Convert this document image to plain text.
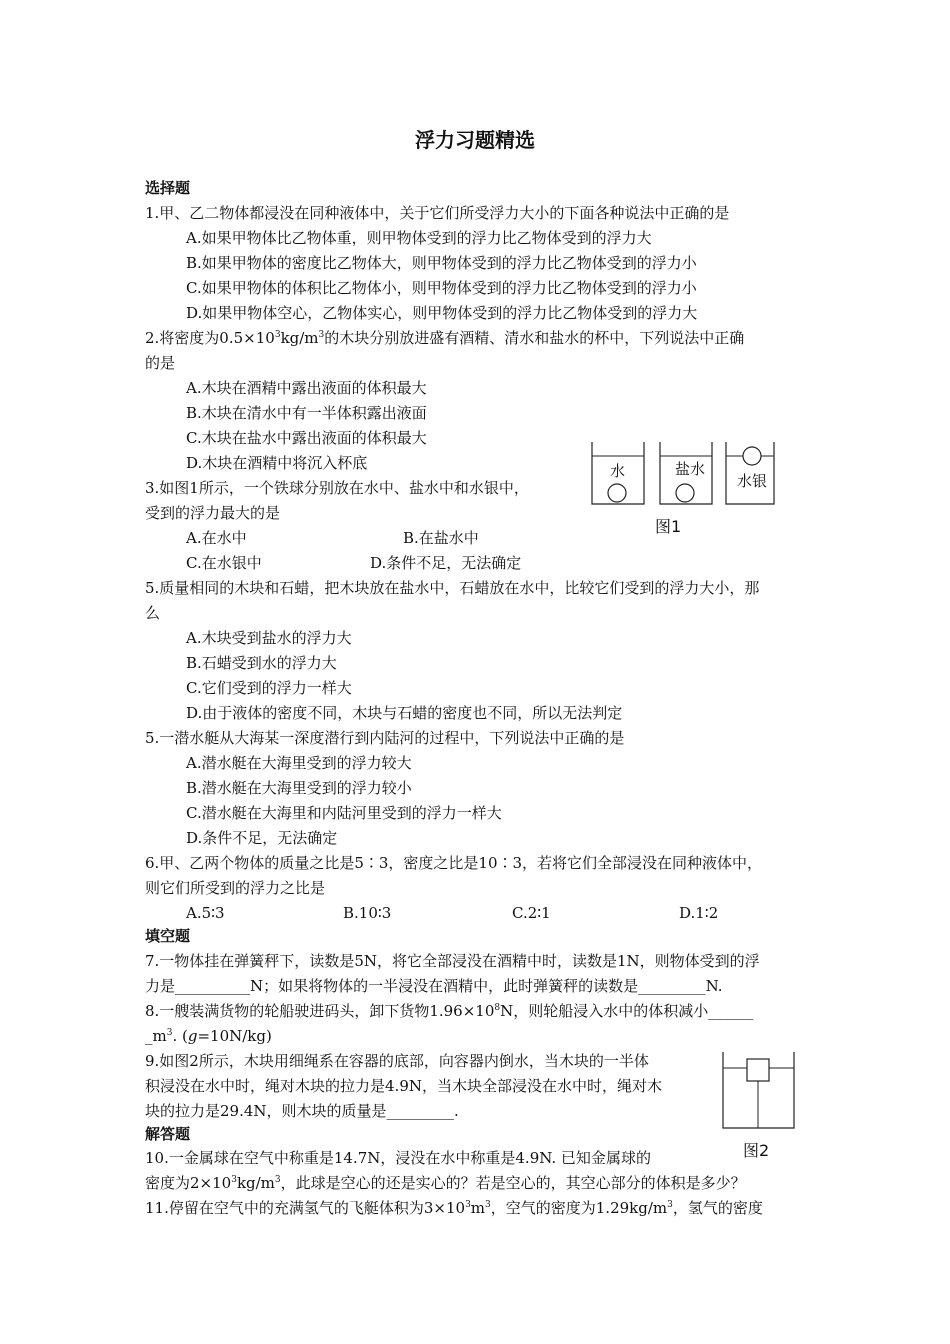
浮力习题精选
选择题
1.甲、乙二物体都浸没在同种液体中，关于它们所受浮力大小的下面各种说法中正确的是
A.如果甲物体比乙物体重，则甲物体受到的浮力比乙物体受到的浮力大
B.如果甲物体的密度比乙物体大，则甲物体受到的浮力比乙物体受到的浮力小
C.如果甲物体的体积比乙物体小，则甲物体受到的浮力比乙物体受到的浮力小
D.如果甲物体空心，乙物体实心，则甲物体受到的浮力比乙物体受到的浮力大
2.将密度为$0.5\times 10^3kg/m^3$的木块分别放进盛有酒精、清水和盐水的杯中，下列说法中正确
的是
A.木块在酒精中露出液面的体积最大
B.木块在清水中有一半体积露出液面
C.木块在盐水中露出液面的体积最大
D.木块在酒精中将沉入杯底
3.如图1所示，一个铁球分别放在水中、盐水中和水银中，
受到的浮力最大的是
A.在水中	B.在盐水中
C.在水银中	D.条件不足，无法确定
水	盐水
水银
图1
5.质量相同的木块和石蜡，把木块放在盐水中，石蜡放在水中，比较它们受到的浮力大小，那
么
A.木块受到盐水的浮力大
B.石蜡受到水的浮力大
C.它们受到的浮力一样大
D.由于液体的密度不同，木块与石蜡的密度也不同，所以无法判定
5.一潜水艇从大海某一深度潜行到内陆河的过程中，下列说法中正确的是
A.潜水艇在大海里受到的浮力较大
B.潜水艇在大海里受到的浮力较小
C.潜水艇在大海里和内陆河里受到的浮力一样大
D.条件不足，无法确定
6.甲、乙两个物体的质量之比是5∶3，密度之比是10∶3，若将它们全部浸没在同种液体中，
则它们所受到的浮力之比是
A.5∶3	B.10∶3	C.2∶1	D.1∶2
填空题
7.一物体挂在弹簧秤下，读数是5N，将它全部浸没在酒精中时，读数是1N，则物体受到的浮
力是__________N；如果将物体的一半浸没在酒精中，此时弹簧秤的读数是_________N.
8.一艘装满货物的轮船驶进码头，卸下货物$1.96\times 10^8N$，则轮船浸入水中的体积减小______
$\_m^3$. (g=10N/kg)
9.如图2所示，木块用细绳系在容器的底部，向容器内倒水，当木块的一半体
积浸没在水中时，绳对木块的拉力是4.9N，当木块全部浸没在水中时，绳对木
块的拉力是29.4N，则木块的质量是_________.
图2
解答题
10.一金属球在空气中称重是14.7N，浸没在水中称重是4.9N. 已知金属球的
密度为$2\times 10^3kg/m^3$，此球是空心的还是实心的？若是空心的，其空心部分的体积是多少？
11.停留在空气中的充满氢气的飞艇体积为$3\times 10^3m^3$，空气的密度为$1.29kg/m^3$，氢气的密度
